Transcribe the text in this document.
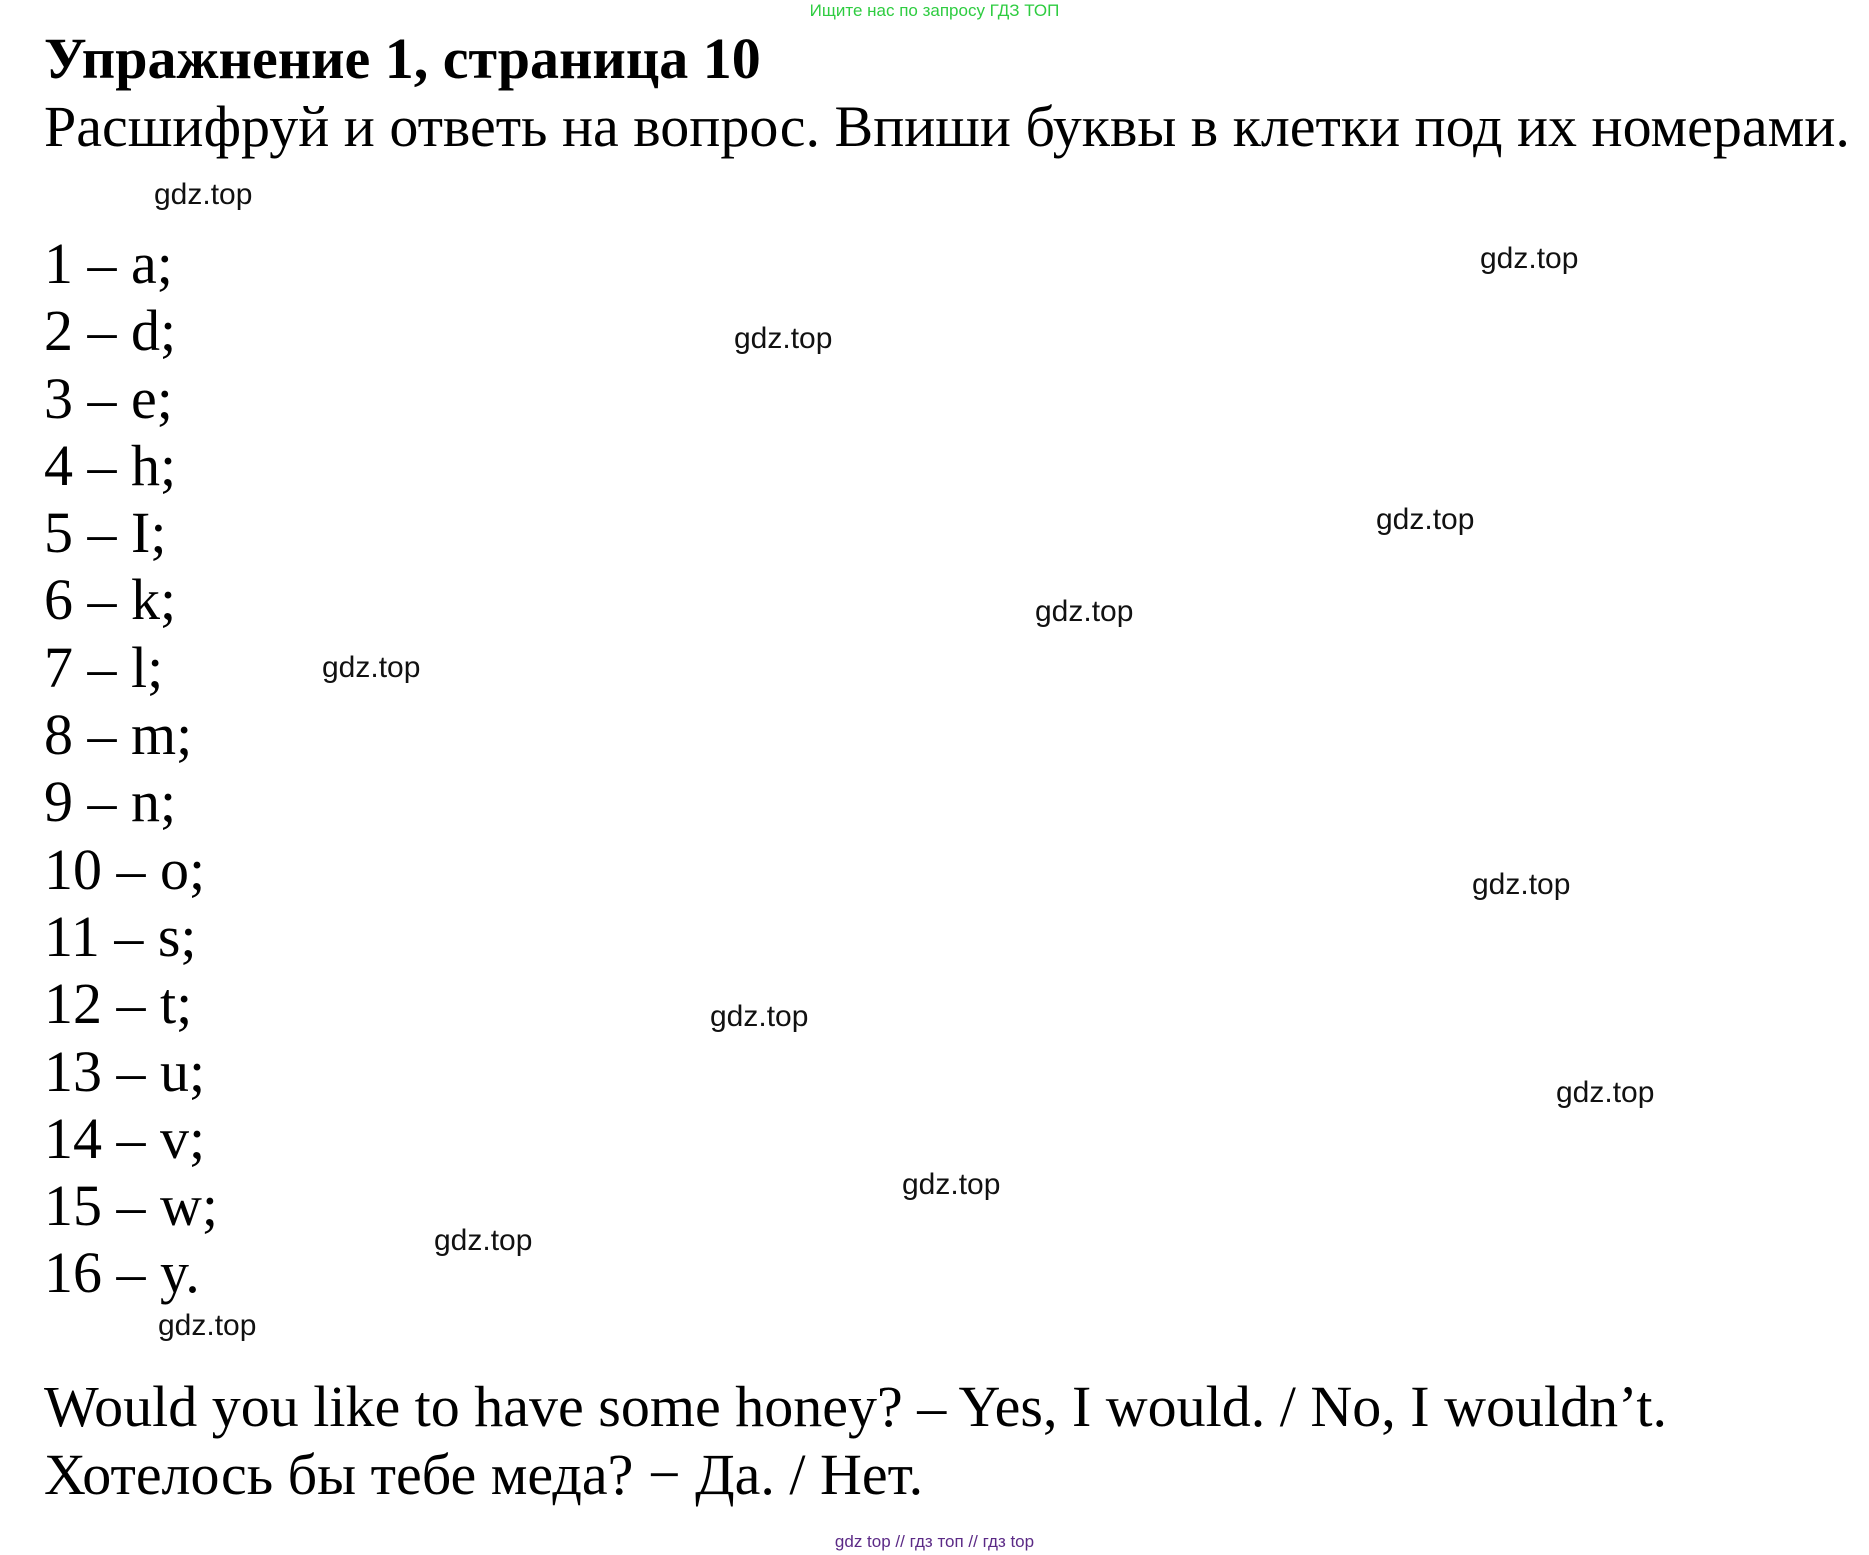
Ищите нас по запросу ГДЗ ТОП
Упражнение 1, страница 10
Расшифруй и ответь на вопрос. Впиши буквы в клетки под их номерами.
1 – a;
2 – d;
3 – e;
4 – h;
5 – I;
6 – k;
7 – l;
8 – m;
9 – n;
10 – o;
11 – s;
12 – t;
13 – u;
14 – v;
15 – w;
16 – y.
Would you like to have some honey? – Yes, I would. / No, I wouldn’t.
Хотелось бы тебе меда? − Да. / Нет.
gdz.top
gdz.top
gdz.top
gdz.top
gdz.top
gdz.top
gdz.top
gdz.top
gdz.top
gdz.top
gdz.top
gdz.top
gdz top // гдз топ // гдз top
